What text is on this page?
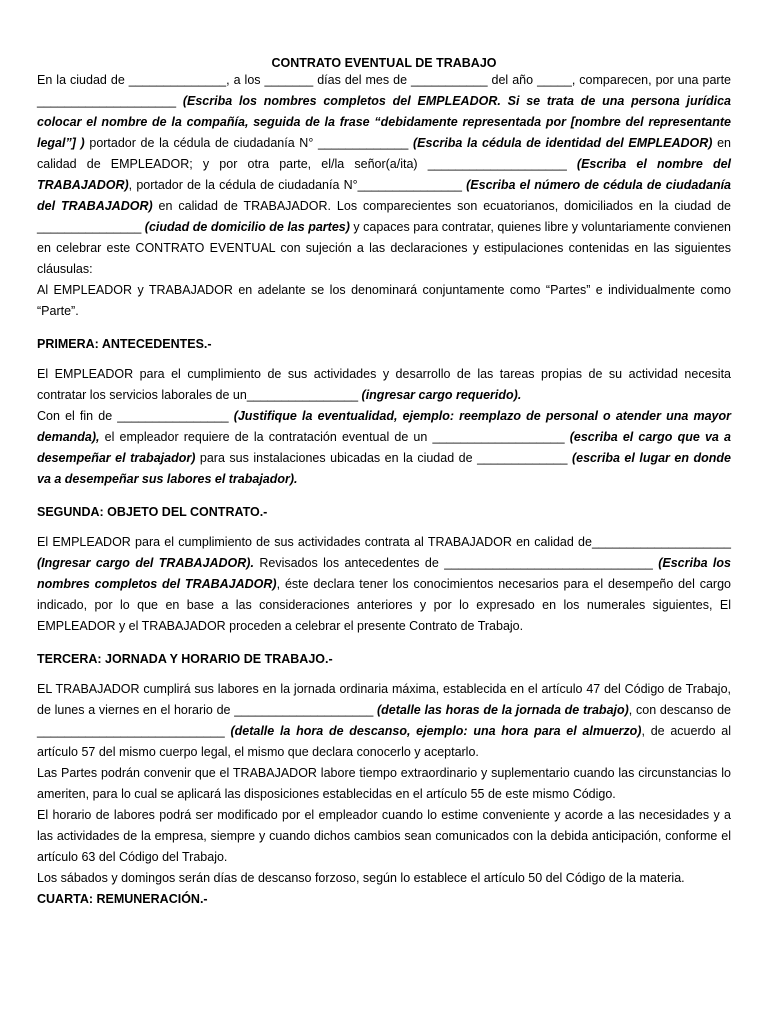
CONTRATO EVENTUAL DE TRABAJO

En la ciudad de ______________, a los _______ días del mes de ___________ del año _____, comparecen, por una parte ____________________ (Escriba los nombres completos del EMPLEADOR. Si se trata de una persona jurídica colocar el nombre de la compañía, seguida de la frase “debidamente representada por [nombre del representante legal”] ) portador de la cédula de ciudadanía N° _____________ (Escriba la cédula de identidad del EMPLEADOR) en calidad de EMPLEADOR; y por otra parte, el/la señor(a/ita) ____________________ (Escriba el nombre del TRABAJADOR), portador de la cédula de ciudadanía N°_______________ (Escriba el número de cédula de ciudadanía del TRABAJADOR) en calidad de TRABAJADOR. Los comparecientes son ecuatorianos, domiciliados en la ciudad de _______________ (ciudad de domicilio de las partes) y capaces para contratar, quienes libre y voluntariamente convienen en celebrar este CONTRATO EVENTUAL con sujeción a las declaraciones y estipulaciones contenidas en las siguientes cláusulas:

Al EMPLEADOR y TRABAJADOR en adelante se los denominará conjuntamente como “Partes” e individualmente como “Parte”.

PRIMERA: ANTECEDENTES.-

El EMPLEADOR para el cumplimiento de sus actividades y desarrollo de las tareas propias de su actividad necesita contratar los servicios laborales de un________________ (ingresar cargo requerido).

Con el fin de ________________ (Justifique la eventualidad, ejemplo: reemplazo de personal o atender una mayor demanda), el empleador requiere de la contratación eventual de un ___________________ (escriba el cargo que va a desempeñar el trabajador) para sus instalaciones ubicadas en la ciudad de _____________ (escriba el lugar en donde va a desempeñar sus labores el trabajador).

SEGUNDA: OBJETO DEL CONTRATO.-

El EMPLEADOR para el cumplimiento de sus actividades contrata al TRABAJADOR en calidad de____________________ (Ingresar cargo del TRABAJADOR). Revisados los antecedentes de ______________________________ (Escriba los nombres completos del TRABAJADOR), éste declara tener los conocimientos necesarios para el desempeño del cargo indicado, por lo que en base a las consideraciones anteriores y por lo expresado en los numerales siguientes, El EMPLEADOR y el TRABAJADOR proceden a celebrar el presente Contrato de Trabajo.

TERCERA: JORNADA Y HORARIO DE TRABAJO.-

EL TRABAJADOR cumplirá sus labores en la jornada ordinaria máxima, establecida en el artículo 47 del Código de Trabajo, de lunes a viernes en el horario de ____________________ (detalle las horas de la jornada de trabajo), con descanso de ___________________________ (detalle la hora de descanso, ejemplo: una hora para el almuerzo), de acuerdo al artículo 57 del mismo cuerpo legal, el mismo que declara conocerlo y aceptarlo.

Las Partes podrán convenir que el TRABAJADOR labore tiempo extraordinario y suplementario cuando las circunstancias lo ameriten, para lo cual se aplicará las disposiciones establecidas en el artículo 55 de este mismo Código.

El horario de labores podrá ser modificado por el empleador cuando lo estime conveniente y acorde a las necesidades y a las actividades de la empresa, siempre y cuando dichos cambios sean comunicados con la debida anticipación, conforme el artículo 63 del Código del Trabajo.

Los sábados y domingos serán días de descanso forzoso, según lo establece el artículo 50 del Código de la materia.

CUARTA: REMUNERACIÓN.-
